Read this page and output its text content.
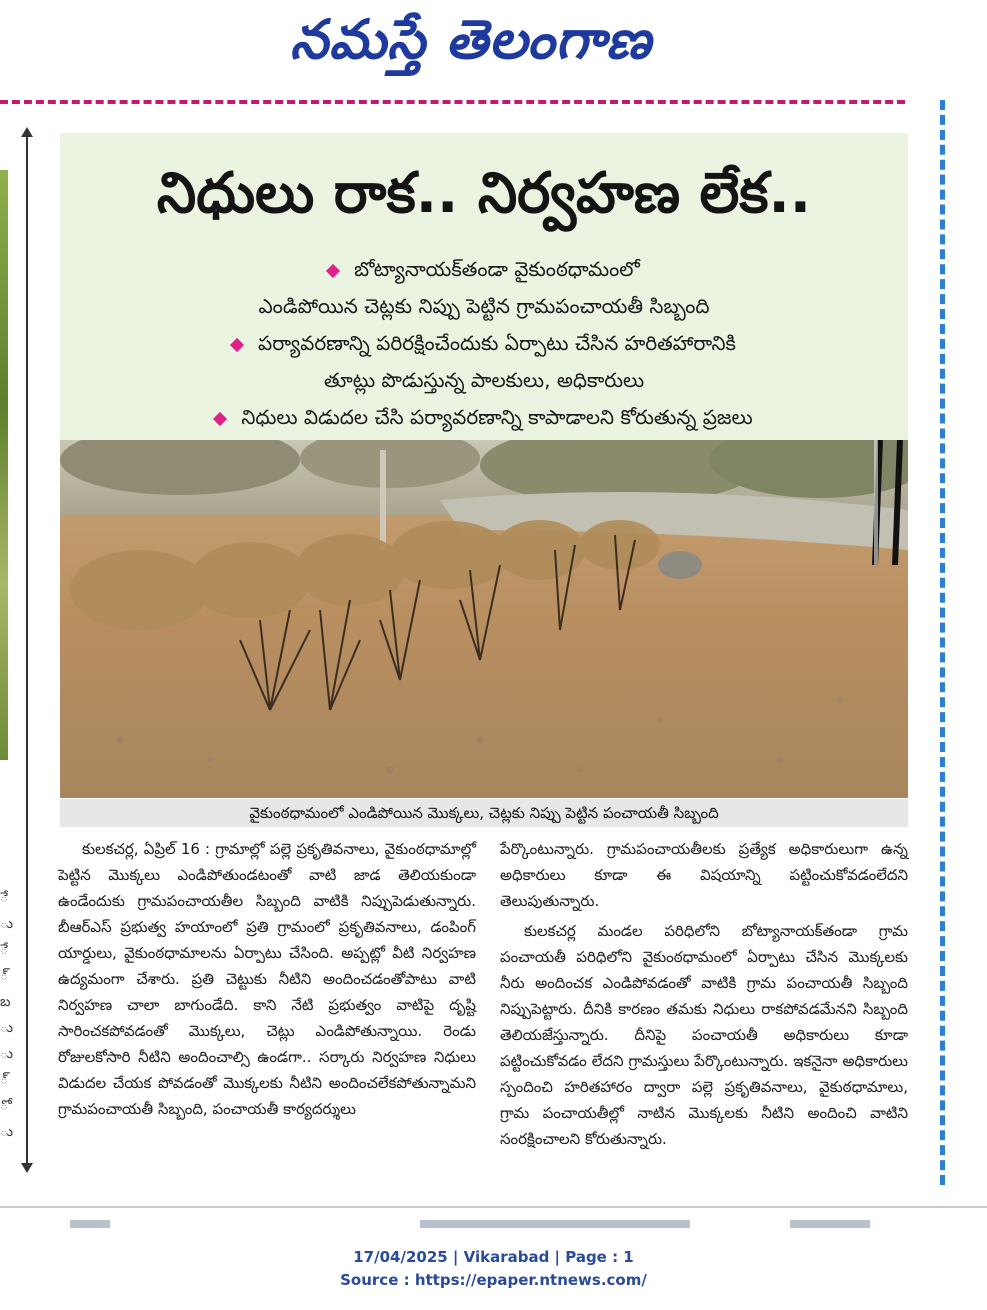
నమస్తే తెలంగాణ
ే
ు
ే
్
బ
ు
ు
్
ో
ు
నిధులు రాక.. నిర్వహణ లేక..
బోట్యానాయక్‌తండా వైకుంఠధామంలో
ఎండిపోయిన చెట్లకు నిప్పు పెట్టిన గ్రామపంచాయతీ సిబ్బంది
పర్యావరణాన్ని పరిరక్షించేందుకు ఏర్పాటు చేసిన హరితహారానికి
తూట్లు పొడుస్తున్న పాలకులు, అధికారులు
నిధులు విడుదల చేసి పర్యావరణాన్ని కాపాడాలని కోరుతున్న ప్రజలు
వైకుంఠధామంలో ఎండిపోయిన మొక్కలు, చెట్లకు నిప్పు పెట్టిన పంచాయతీ సిబ్బంది

కులకచర్ల, ఏప్రిల్ 16 : గ్రామాల్లో పల్లె ప్రకృతివనాలు, వైకుంఠధామాల్లో పెట్టిన మొక్కలు ఎండిపోతుండటంతో వాటి జాడ తెలియకుండా ఉండేందుకు గ్రామపంచాయతీల సిబ్బంది వాటికి నిప్పుపెడుతున్నారు. బీఆర్ఎస్ ప్రభుత్వ హయాంలో ప్రతి గ్రామంలో ప్రకృతివనాలు, డంపింగ్ యార్డులు, వైకుంఠధామాలను ఏర్పాటు చేసింది. అప్పట్లో వీటి నిర్వహణ ఉద్యమంగా చేశారు. ప్రతి చెట్టుకు నీటిని అందించడంతోపాటు వాటి నిర్వహణ చాలా బాగుండేది. కాని నేటి ప్రభుత్వం వాటిపై దృష్టి సారించకపోవడంతో మొక్కలు, చెట్లు ఎండిపోతున్నాయి. రెండు రోజులకోసారి నీటిని అందించాల్సి ఉండగా.. సర్కారు నిర్వహణ నిధులు విడుదల చేయక పోవడంతో మొక్కలకు నీటిని అందించలేకపోతున్నామని గ్రామపంచాయతీ సిబ్బంది, పంచాయతీ కార్యదర్శులు

పేర్కొంటున్నారు. గ్రామపంచాయతీలకు ప్రత్యేక అధికారులుగా ఉన్న అధికారులు కూడా ఈ విషయాన్ని పట్టించుకోవడంలేదని తెలుపుతున్నారు.

కులకచర్ల మండల పరిధిలోని బోట్యానాయక్‌తండా గ్రామ పంచాయతీ పరిధిలోని వైకుంఠధామంలో ఏర్పాటు చేసిన మొక్కలకు నీరు అందించక ఎండిపోవడంతో వాటికి గ్రామ పంచాయతీ సిబ్బంది నిప్పుపెట్టారు. దీనికి కారణం తమకు నిధులు రాకపోవడమేనని సిబ్బంది తెలియజేస్తున్నారు. దీనిపై పంచాయతీ అధికారులు కూడా పట్టించుకోవడం లేదని గ్రామస్తులు పేర్కొంటున్నారు. ఇకనైనా అధికారులు స్పందించి హరితహారం ద్వారా పల్లె ప్రకృతివనాలు, వైకుఠధామాలు, గ్రామ పంచాయతీల్లో నాటిన మొక్కలకు నీటిని అందించి వాటిని సంరక్షించాలని కోరుతున్నారు.

17/04/2025 | Vikarabad | Page : 1
Source : https://epaper.ntnews.com/
